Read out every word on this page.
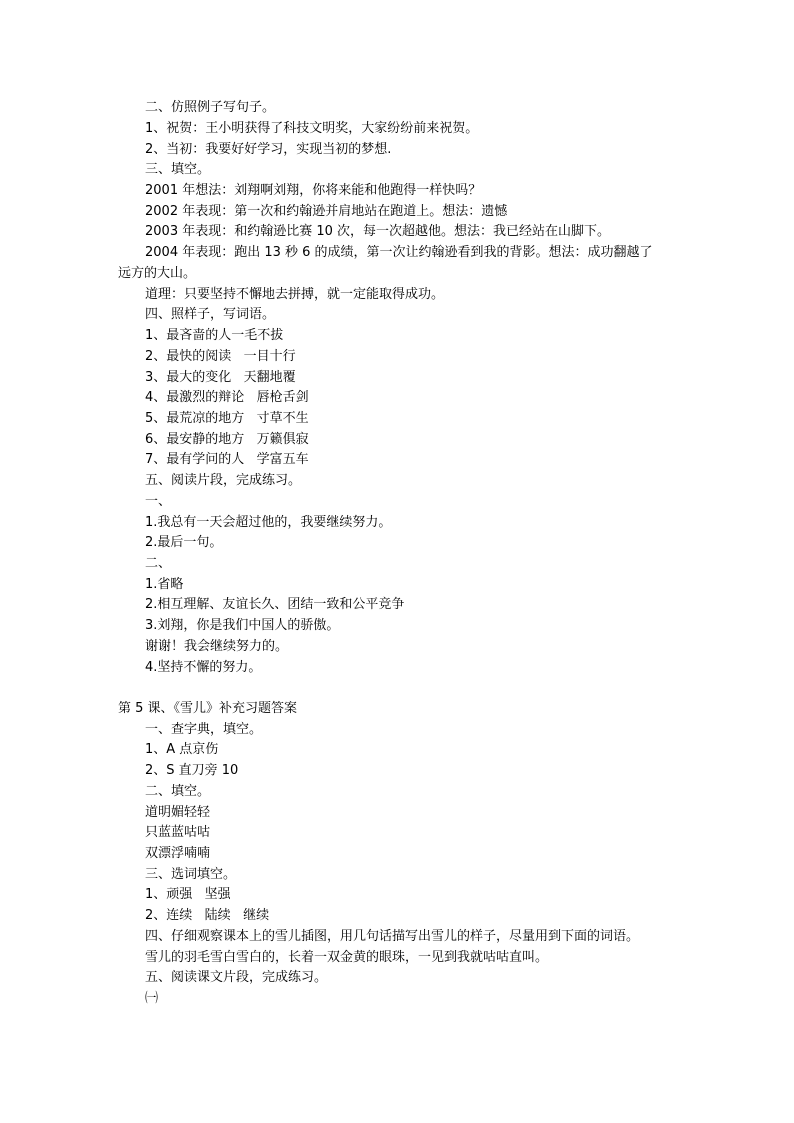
二、仿照例子写句子。
1、祝贺：王小明获得了科技文明奖，大家纷纷前来祝贺。
2、当初：我要好好学习，实现当初的梦想.
三、填空。
2001 年想法：刘翔啊刘翔，你将来能和他跑得一样快吗？
2002 年表现：第一次和约翰逊并肩地站在跑道上。想法：遗憾
2003 年表现：和约翰逊比赛 10 次，每一次超越他。想法：我已经站在山脚下。
2004 年表现：跑出 13 秒 6 的成绩，第一次让约翰逊看到我的背影。想法：成功翻越了
远方的大山。
道理：只要坚持不懈地去拼搏，就一定能取得成功。
四、照样子，写词语。
1、最吝啬的人一毛不拔
2、最快的阅读   一目十行
3、最大的变化   天翻地覆
4、最激烈的辩论   唇枪舌剑
5、最荒凉的地方   寸草不生
6、最安静的地方   万籁俱寂
7、最有学问的人   学富五车
五、阅读片段，完成练习。
一、
1.我总有一天会超过他的，我要继续努力。
2.最后一句。
二、
1.省略
2.相互理解、友谊长久、团结一致和公平竞争
3.刘翔，你是我们中国人的骄傲。
谢谢！我会继续努力的。
4.坚持不懈的努力。
第 5 课、《雪儿》补充习题答案
一、查字典，填空。
1、A 点京伤
2、S 直刀旁 10
二、填空。
道明媚轻轻
只蓝蓝咕咕
双漂浮喃喃
三、选词填空。
1、顽强   坚强
2、连续   陆续   继续
四、仔细观察课本上的雪儿插图，用几句话描写出雪儿的样子，尽量用到下面的词语。
雪儿的羽毛雪白雪白的，长着一双金黄的眼珠，一见到我就咕咕直叫。
五、阅读课文片段，完成练习。
㈠
